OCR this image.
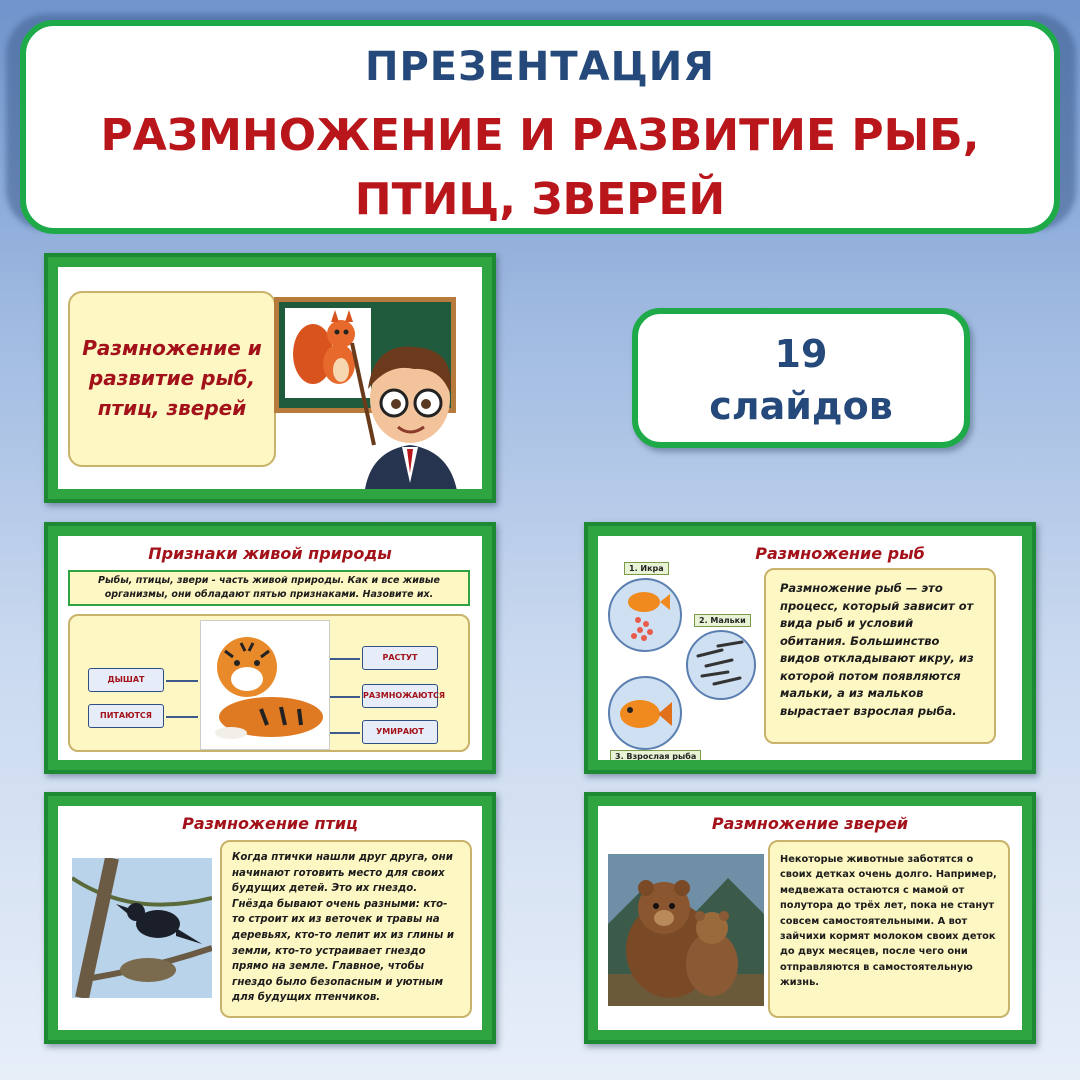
ПРЕЗЕНТАЦИЯ
РАЗМНОЖЕНИЕ И РАЗВИТИЕ РЫБ, ПТИЦ, ЗВЕРЕЙ
Размножение и развитие рыб, птиц, зверей
19
слайдов
Признаки живой природы
Рыбы, птицы, звери - часть живой природы. Как и все живые организмы, они обладают пятью признаками. Назовите их.
ДЫШАТ
ПИТАЮТСЯ
РАСТУТ
РАЗМНОЖАЮТСЯ
УМИРАЮТ
Размножение рыб
1. Икра
2. Мальки
3. Взрослая рыба
Размножение рыб — это процесс, который зависит от вида рыб и условий обитания. Большинство видов откладывают икру, из которой потом появляются мальки, а из мальков вырастает взрослая рыба.
Размножение птиц
Когда птички нашли друг друга, они начинают готовить место для своих будущих детей. Это их гнездо. Гнёзда бывают очень разными: кто-то строит их из веточек и травы на деревьях, кто-то лепит их из глины и земли, кто-то устраивает гнездо прямо на земле. Главное, чтобы гнездо было безопасным и уютным для будущих птенчиков.
Размножение зверей
Некоторые животные заботятся о своих детках очень долго. Например, медвежата остаются с мамой от полутора до трёх лет, пока не станут совсем самостоятельными. А вот зайчихи кормят молоком своих деток до двух месяцев, после чего они отправляются в самостоятельную жизнь.
